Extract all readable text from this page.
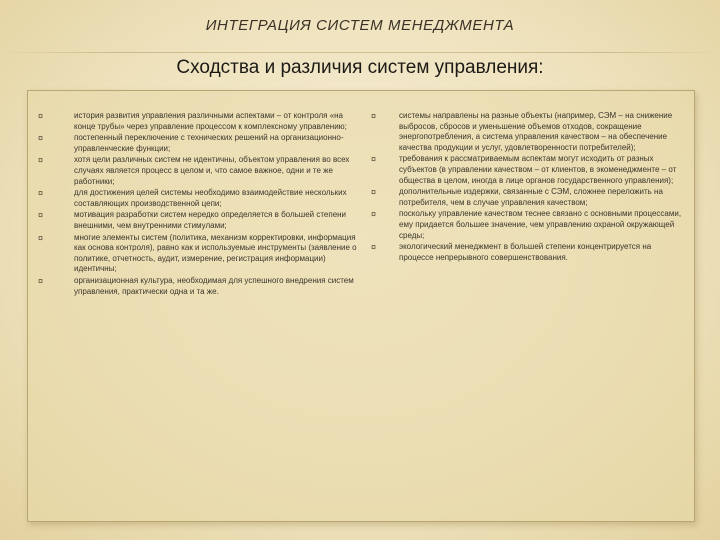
ИНТЕГРАЦИЯ СИСТЕМ МЕНЕДЖМЕНТА
Сходства и различия систем управления:
¤	история развития управления различными аспектами – от контроля «на конце трубы» через управление процессом к комплексному управлению;
¤	постепенный переключение с технических решений на организационно-управленческие функции;
¤	хотя цели различных систем не идентичны, объектом управления во всех случаях является процесс в целом и, что самое важное, одни и те же работники;
¤	для достижения целей системы необходимо взаимодействие нескольких составляющих производственной цепи;
¤	мотивация разработки систем нередко определяется в большей степени внешними, чем внутренними стимулами;
¤	многие элементы систем (политика, механизм корректировки, информация как основа контроля), равно как и используемые инструменты (заявление о политике, отчетность, аудит, измерение, регистрация информации) идентичны;
¤	организационная культура, необходимая для успешного внедрения систем управления, практически одна и та же.
¤	системы направлены на разные объекты (например, СЭМ – на снижение выбросов, сбросов и уменьшение объемов отходов, сокращение энергопотребления, а система управления качеством – на обеспечение качества продукции и услуг, удовлетворенности потребителей);
¤	требования к рассматриваемым аспектам могут исходить от разных субъектов (в управлении качеством – от клиентов, в экоменеджменте – от общества в целом, иногда в лице органов государственного управления);
¤	дополнительные издержки, связанные с СЭМ, сложнее переложить на потребителя, чем в случае управления качеством;
¤	поскольку управление качеством теснее связано с основными процессами, ему придается большее значение, чем управлению охраной окружающей среды;
¤	экологический менеджмент в большей степени концентрируется на процессе непрерывного совершенствования.
